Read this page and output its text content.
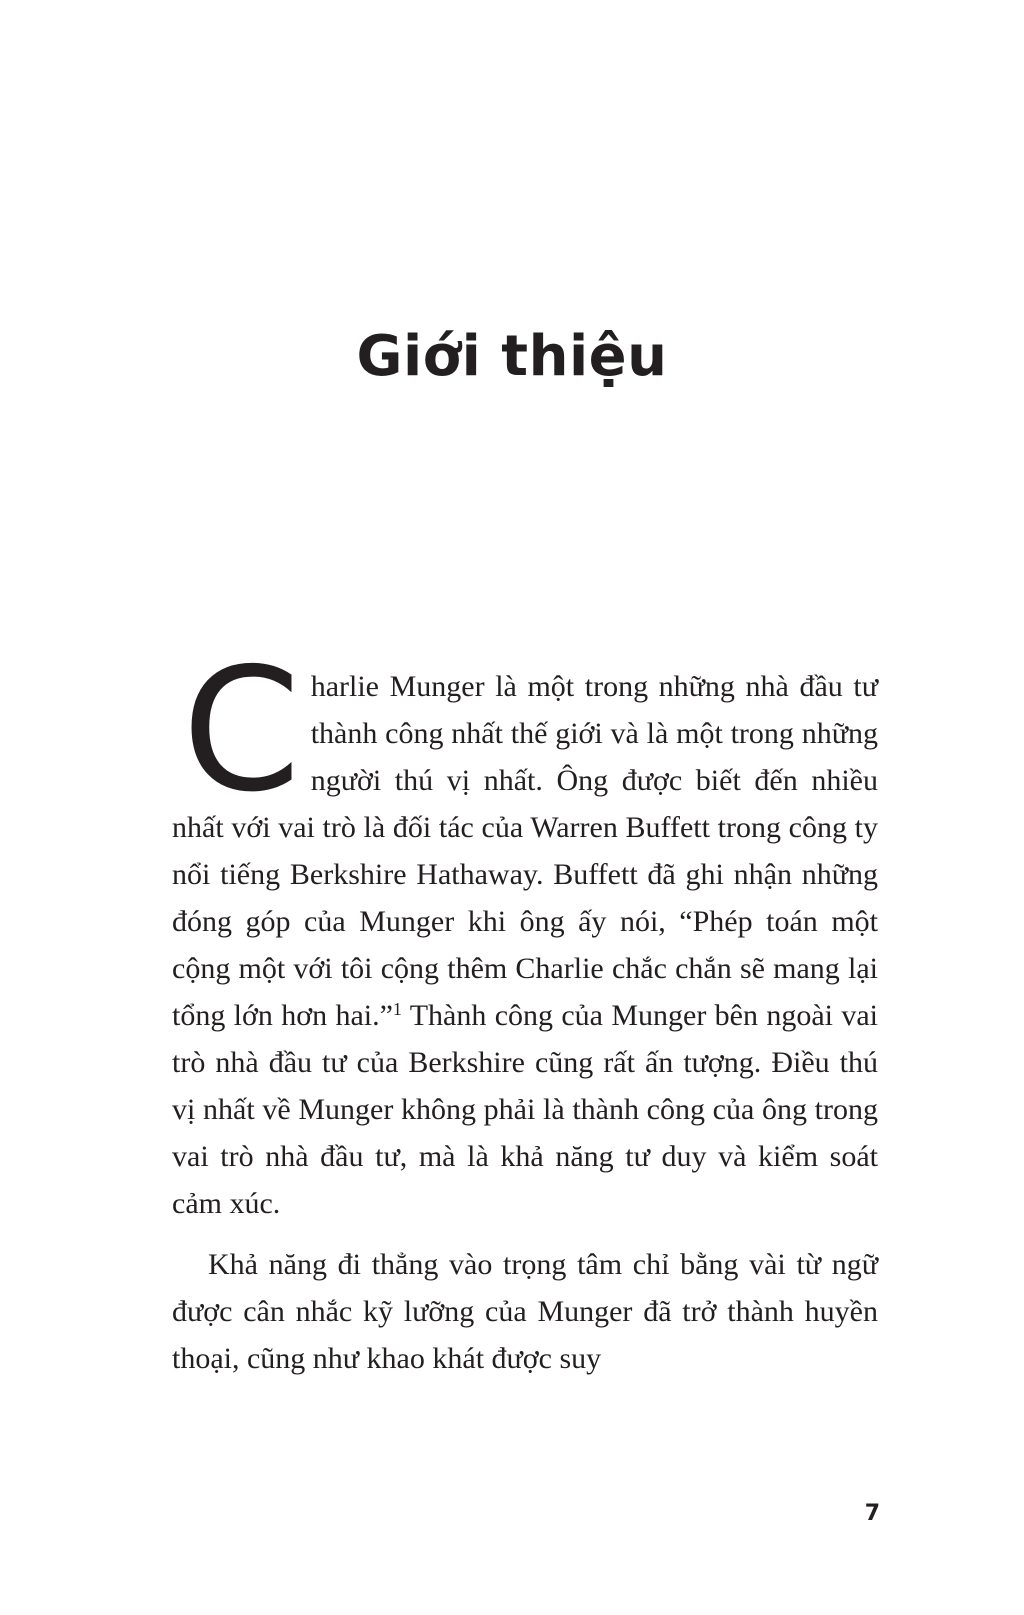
Giới thiệu

Charlie Munger là một trong những nhà đầu tư thành công nhất thế giới và là một trong những người thú vị nhất. Ông được biết đến nhiều nhất với vai trò là đối tác của Warren Buffett trong công ty nổi tiếng Berkshire Hathaway. Buffett đã ghi nhận những đóng góp của Munger khi ông ấy nói, “Phép toán một cộng một với tôi cộng thêm Charlie chắc chắn sẽ mang lại tổng lớn hơn hai.”$^1$ Thành công của Munger bên ngoài vai trò nhà đầu tư của Berkshire cũng rất ấn tượng. Điều thú vị nhất về Munger không phải là thành công của ông trong vai trò nhà đầu tư, mà là khả năng tư duy và kiểm soát cảm xúc.

Khả năng đi thẳng vào trọng tâm chỉ bằng vài từ ngữ được cân nhắc kỹ lưỡng của Munger đã trở thành huyền thoại, cũng như khao khát được suy

7
